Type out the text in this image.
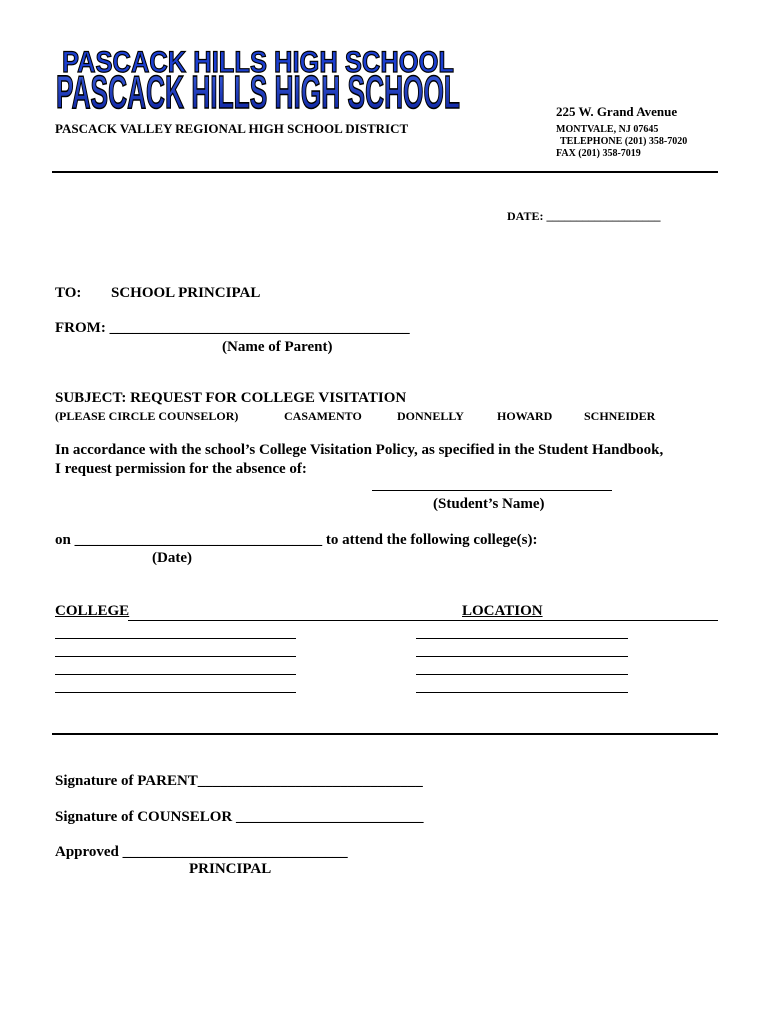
PASCACK HILLS HIGH SCHOOL
PASCACK HILLS HIGH SCHOOL
PASCACK VALLEY REGIONAL HIGH SCHOOL DISTRICT
225 W. Grand Avenue
MONTVALE, NJ 07645
TELEPHONE (201) 358-7020
FAX (201) 358-7019
DATE: ___________________
TO: SCHOOL PRINCIPAL
FROM: ________________________________________
(Name of Parent)
SUBJECT: REQUEST FOR COLLEGE VISITATION
(PLEASE CIRCLE COUNSELOR)	CASAMENTO	DONNELLY	HOWARD	SCHNEIDER
In accordance with the school’s College Visitation Policy, as specified in the Student Handbook,
I request permission for the absence of:
(Student’s Name)
on _________________________________ to attend the following college(s):
(Date)
COLLEGE	LOCATION
Signature of PARENT______________________________
Signature of COUNSELOR _________________________
Approved ______________________________
PRINCIPAL
